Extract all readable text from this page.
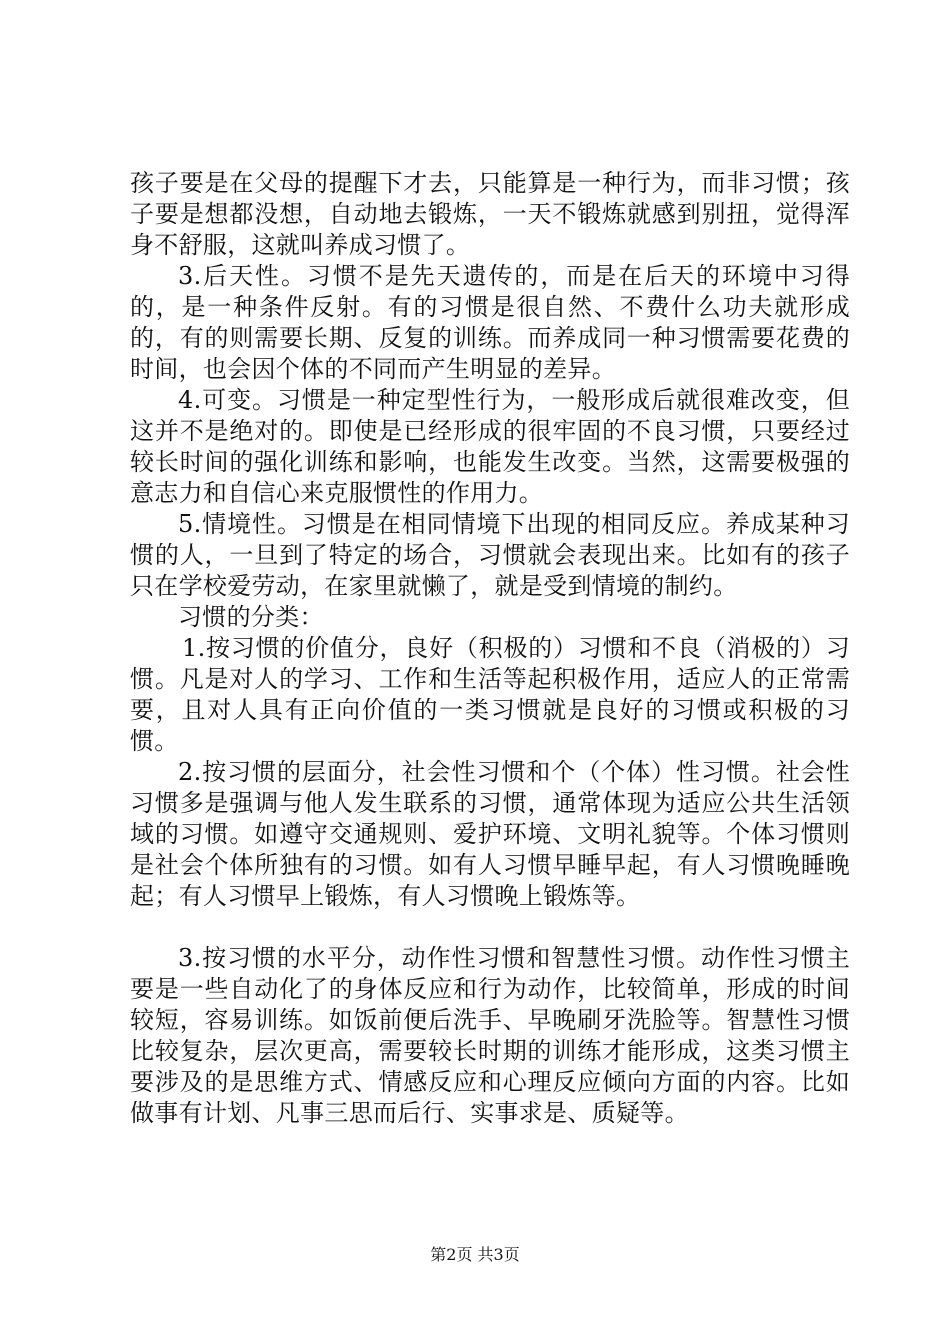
孩子要是在父母的提醒下才去，只能算是一种行为，而非习惯；孩子要是想都没想，自动地去锻炼，一天不锻炼就感到别扭，觉得浑身不舒服，这就叫养成习惯了。

3.后天性。习惯不是先天遗传的，而是在后天的环境中习得的，是一种条件反射。有的习惯是很自然、不费什么功夫就形成的，有的则需要长期、反复的训练。而养成同一种习惯需要花费的时间，也会因个体的不同而产生明显的差异。

4.可变。习惯是一种定型性行为，一般形成后就很难改变，但这并不是绝对的。即使是已经形成的很牢固的不良习惯，只要经过较长时间的强化训练和影响，也能发生改变。当然，这需要极强的意志力和自信心来克服惯性的作用力。

5.情境性。习惯是在相同情境下出现的相同反应。养成某种习惯的人，一旦到了特定的场合，习惯就会表现出来。比如有的孩子只在学校爱劳动，在家里就懒了，就是受到情境的制约。

习惯的分类：

1.按习惯的价值分，良好（积极的）习惯和不良（消极的）习惯。凡是对人的学习、工作和生活等起积极作用，适应人的正常需要，且对人具有正向价值的一类习惯就是良好的习惯或积极的习惯。

2.按习惯的层面分，社会性习惯和个（个体）性习惯。社会性习惯多是强调与他人发生联系的习惯，通常体现为适应公共生活领域的习惯。如遵守交通规则、爱护环境、文明礼貌等。个体习惯则是社会个体所独有的习惯。如有人习惯早睡早起，有人习惯晚睡晚起；有人习惯早上锻炼，有人习惯晚上锻炼等。

3.按习惯的水平分，动作性习惯和智慧性习惯。动作性习惯主要是一些自动化了的身体反应和行为动作，比较简单，形成的时间较短，容易训练。如饭前便后洗手、早晚刷牙洗脸等。智慧性习惯比较复杂，层次更高，需要较长时期的训练才能形成，这类习惯主要涉及的是思维方式、情感反应和心理反应倾向方面的内容。比如做事有计划、凡事三思而后行、实事求是、质疑等。

第2页 共3页
